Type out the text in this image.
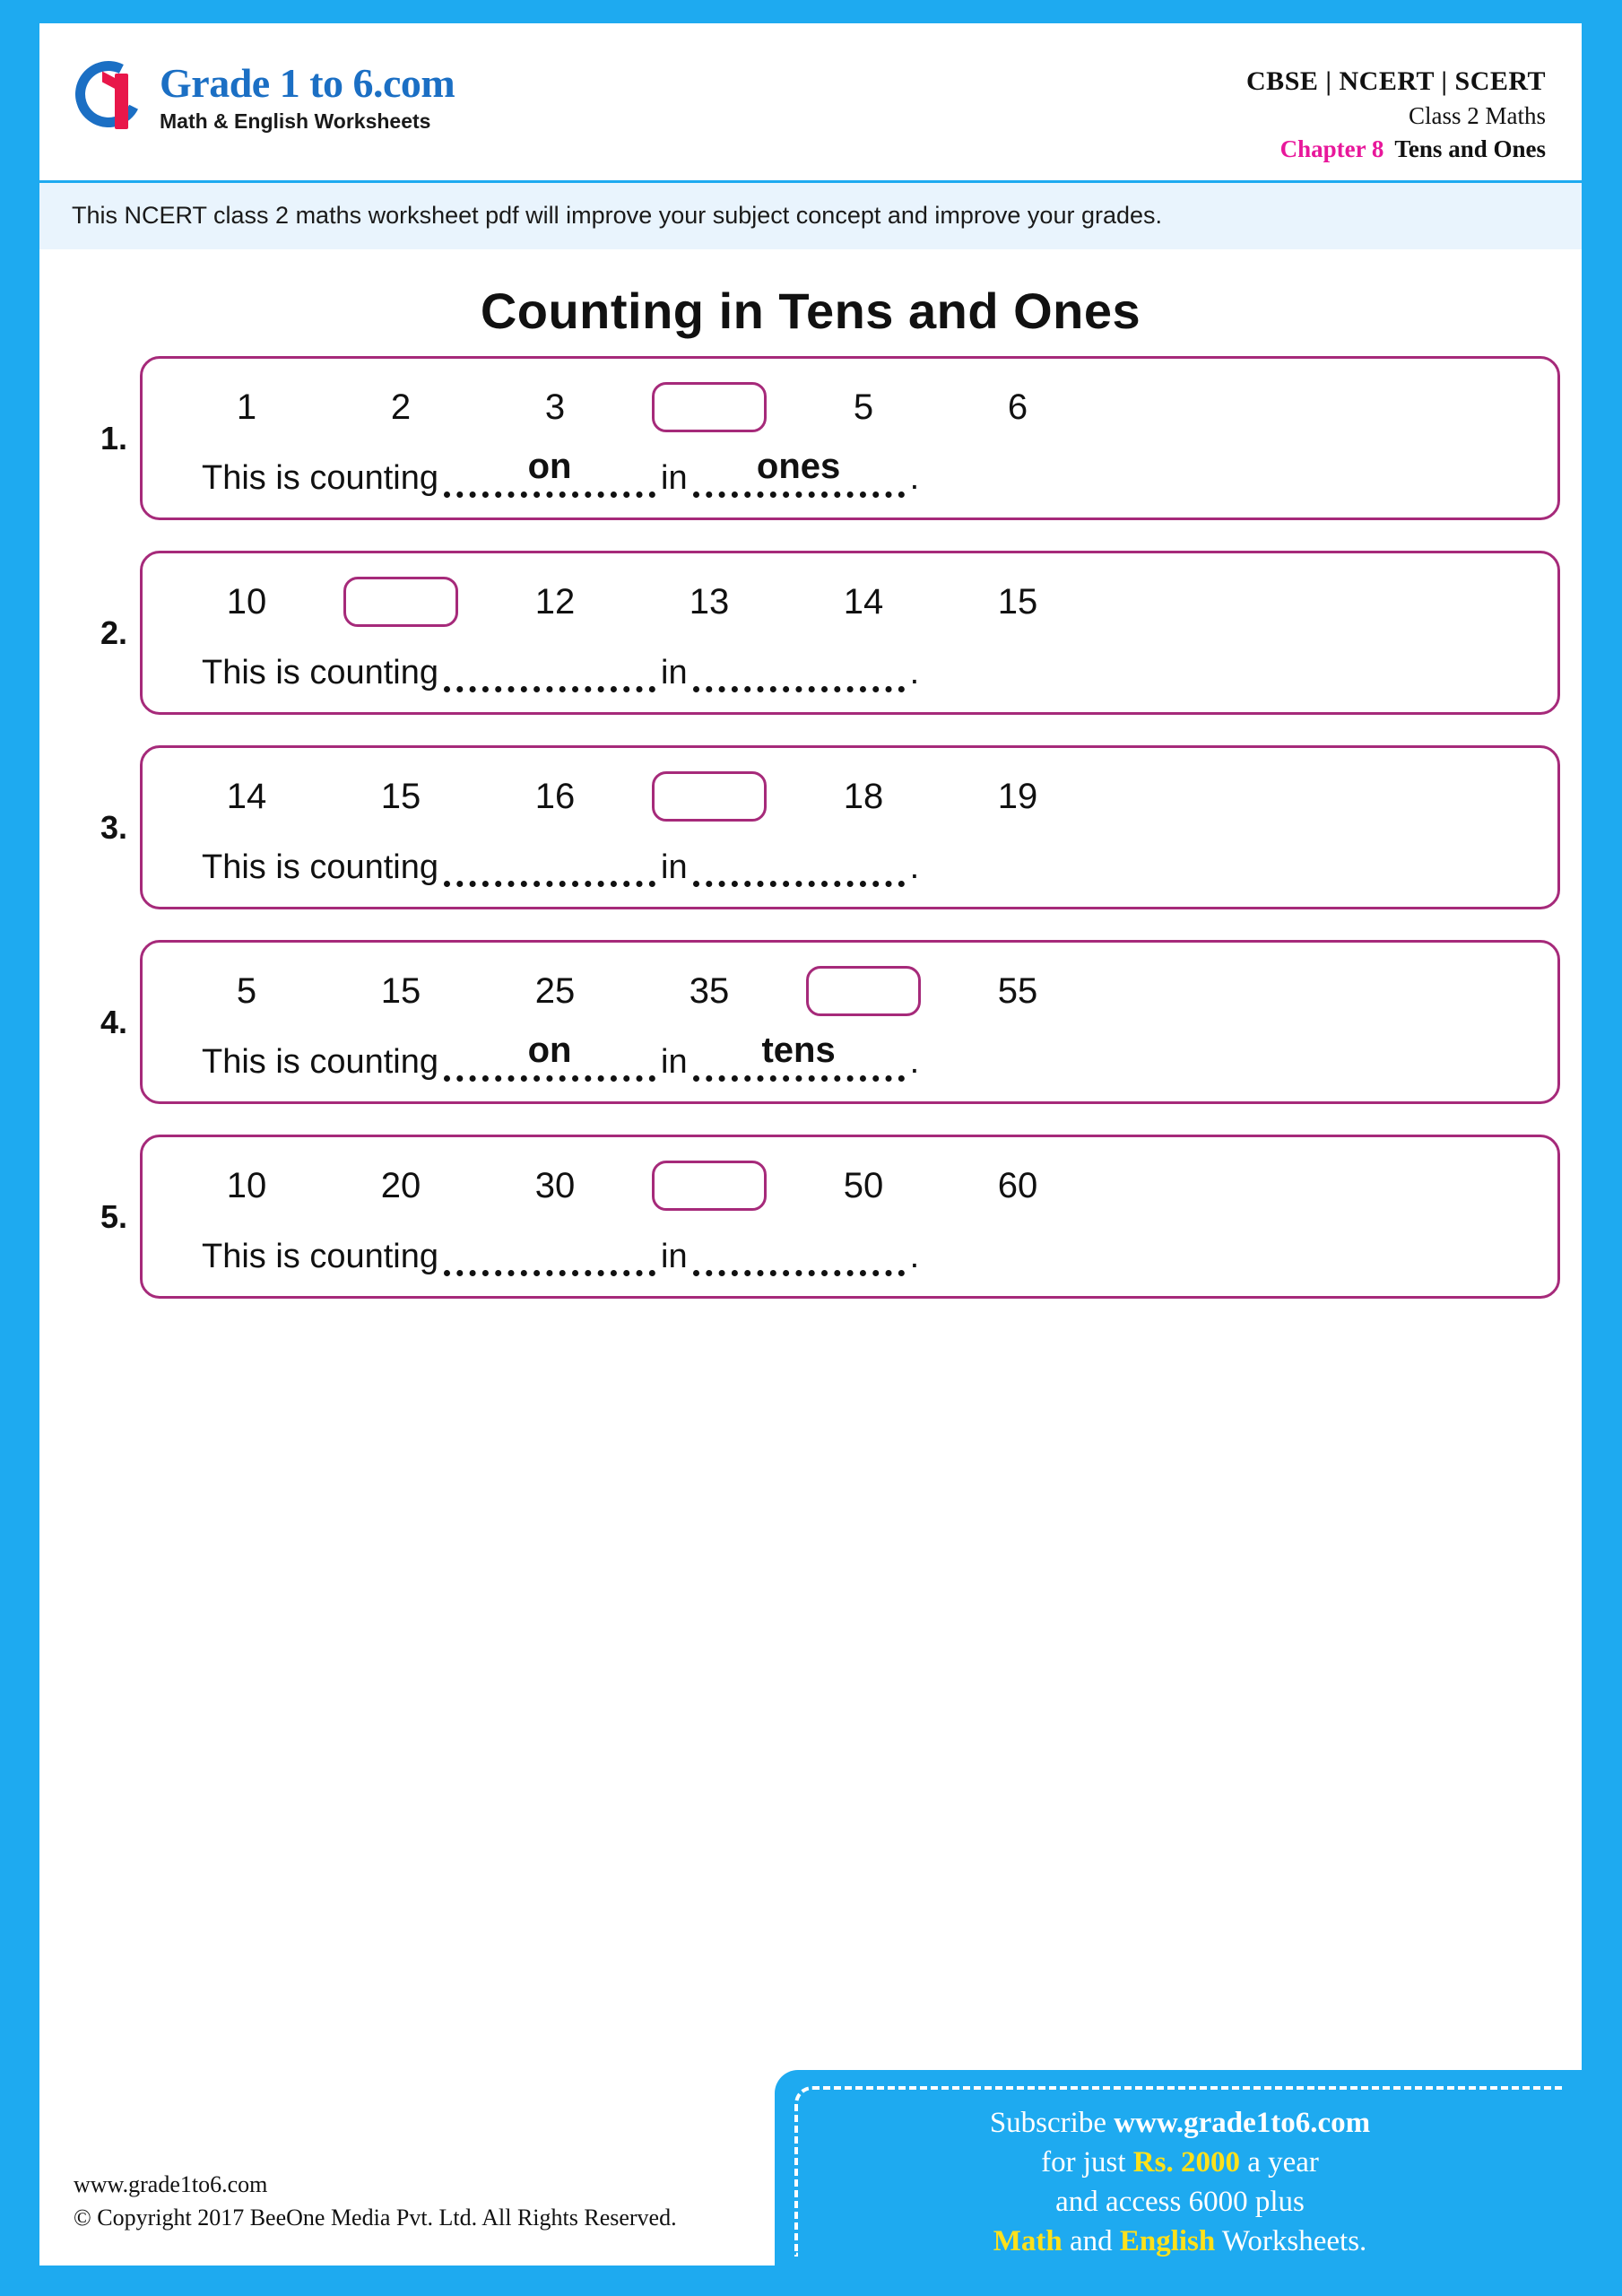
Grade 1 to 6.com
Math & English Worksheets
CBSE | NCERT | SCERT
Class 2 Maths
Chapter 8 Tens and Ones
This NCERT class 2 maths worksheet pdf will improve your subject concept and improve your grades.
Counting in Tens and Ones
1.
1	2	3	5	6
This is counting	on	in	ones	.
2.
10	12	13	14	15
This is counting	in	.
3.
14	15	16	18	19
This is counting	in	.
4.
5	15	25	35	55
This is counting	on	in	tens	.
5.
10	20	30	50	60
This is counting	in	.
www.grade1to6.com
© Copyright 2017 BeeOne Media Pvt. Ltd. All Rights Reserved.
Subscribe www.grade1to6.com
for just Rs. 2000 a year
and access 6000 plus
Math and English Worksheets.
